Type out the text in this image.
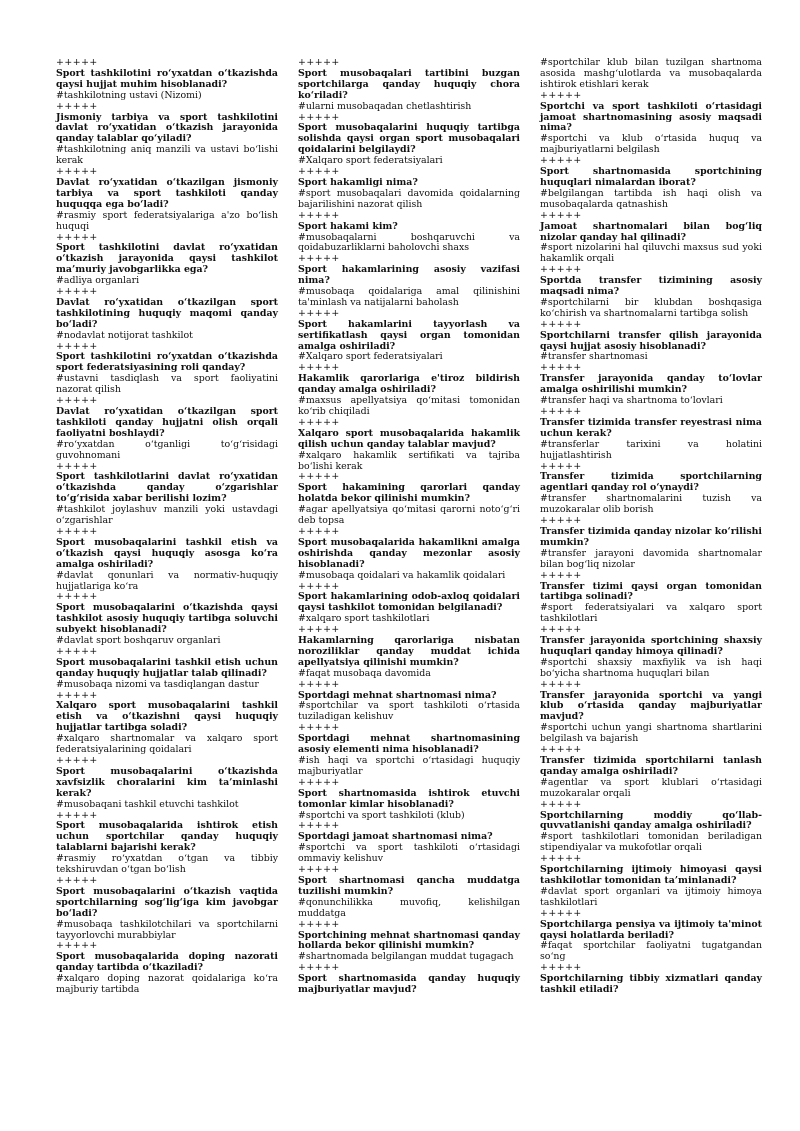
+++++
Sport tashkilotini ro‘yxatdan o‘tkazishda qaysi hujjat muhim hisoblanadi?
#tashkilotning ustavi (Nizomi)
+++++
Jismoniy tarbiya va sport tashkilotini davlat ro‘yxatidan o‘tkazish jarayonida qanday talablar qo‘yiladi?
#tashkilotning aniq manzili va ustavi bo‘lishi kerak
+++++
Davlat ro‘yxatidan o‘tkazilgan jismoniy tarbiya va sport tashkiloti qanday huquqqa ega bo‘ladi?
#rasmiy sport federatsiyalariga a'zo bo‘lish huquqi
+++++
Sport tashkilotini davlat ro‘yxatidan o‘tkazish jarayonida qaysi tashkilot ma’muriy javobgarlikka ega?
#adliya organlari
+++++
Davlat ro‘yxatidan o‘tkazilgan sport tashkilotining huquqiy maqomi qanday bo‘ladi?
#nodavlat notijorat tashkilot
+++++
Sport tashkilotini ro‘yxatdan o‘tkazishda sport federatsiyasining roli qanday?
#ustavni tasdiqlash va sport faoliyatini nazorat qilish
+++++
Davlat ro‘yxatidan o‘tkazilgan sport tashkiloti qanday hujjatni olish orqali faoliyatni boshlaydi?
#ro‘yxatdan o‘tganligi to‘g‘risidagi guvohnomani
+++++
Sport tashkilotlarini davlat ro‘yxatidan o‘tkazishda qanday o‘zgarishlar to‘g‘risida xabar berilishi lozim?
#tashkilot joylashuv manzili yoki ustavdagi o‘zgarishlar
+++++
Sport musobaqalarini tashkil etish va o‘tkazish qaysi huquqiy asosga ko‘ra amalga oshiriladi?
#davlat qonunlari va normativ-huquqiy hujjatlariga ko‘ra
+++++
Sport musobaqalarini o‘tkazishda qaysi tashkilot asosiy huquqiy tartibga soluvchi subyekt hisoblanadi?
#davlat sport boshqaruv organlari
+++++
Sport musobaqalarini tashkil etish uchun qanday huquqiy hujjatlar talab qilinadi?
#musobaqa nizomi va tasdiqlangan dastur
+++++
Xalqaro sport musobaqalarini tashkil etish va o‘tkazishni qaysi huquqiy hujjatlar tartibga soladi?
#xalqaro shartnomalar va xalqaro sport federatsiyalarining qoidalari
+++++
Sport musobaqalarini o‘tkazishda xavfsizlik choralarini kim ta’minlashi kerak?
#musobaqani tashkil etuvchi tashkilot
+++++
Sport musobaqalarida ishtirok etish uchun sportchilar qanday huquqiy talablarni bajarishi kerak?
#rasmiy ro‘yxatdan o‘tgan va tibbiy tekshiruvdan o‘tgan bo‘lish
+++++
Sport musobaqalarini o‘tkazish vaqtida sportchilarning sog‘lig‘iga kim javobgar bo‘ladi?
#musobaqa tashkilotchilari va sportchilarni tayyorlovchi murabbiylar
+++++
Sport musobaqalarida doping nazorati qanday tartibda o‘tkaziladi?
#xalqaro doping nazorat qoidalariga ko‘ra majburiy tartibda
+++++
Sport musobaqalari tartibini buzgan sportchilarga qanday huquqiy chora ko‘riladi?
#ularni musobaqadan chetlashtirish
+++++
Sport musobaqalarini huquqiy tartibga solishda qaysi organ sport musobaqalari qoidalarini belgilaydi?
#Xalqaro sport federatsiyalari
+++++
Sport hakamligi nima?
#sport musobaqalari davomida qoidalarning bajarilishini nazorat qilish
+++++
Sport hakami kim?
#musobaqalarni boshqaruvchi va qoidabuzarliklarni baholovchi shaxs
+++++
Sport hakamlarining asosiy vazifasi nima?
#musobaqa qoidalariga amal qilinishini ta'minlash va natijalarni baholash
+++++
Sport hakamlarini tayyorlash va sertifikatlash qaysi organ tomonidan amalga oshiriladi?
#Xalqaro sport federatsiyalari
+++++
Hakamlik qarorlariga e'tiroz bildirish qanday amalga oshiriladi?
#maxsus apellyatsiya qo‘mitasi tomonidan ko‘rib chiqiladi
+++++
Xalqaro sport musobaqalarida hakamlik qilish uchun qanday talablar mavjud?
#xalqaro hakamlik sertifikati va tajriba bo‘lishi kerak
+++++
Sport hakamining qarorlari qanday holatda bekor qilinishi mumkin?
#agar apellyatsiya qo‘mitasi qarorni noto‘g‘ri deb topsa
+++++
Sport musobaqalarida hakamlikni amalga oshirishda qanday mezonlar asosiy hisoblanadi?
#musobaqa qoidalari va hakamlik qoidalari
+++++
Sport hakamlarining odob-axloq qoidalari qaysi tashkilot tomonidan belgilanadi?
#xalqaro sport tashkilotlari
+++++
Hakamlarning qarorlariga nisbatan noroziliklar qanday muddat ichida apellyatsiya qilinishi mumkin?
#faqat musobaqa davomida
+++++
Sportdagi mehnat shartnomasi nima?
#sportchilar va sport tashkiloti o‘rtasida tuziladigan kelishuv
+++++
Sportdagi mehnat shartnomasining asosiy elementi nima hisoblanadi?
#ish haqi va sportchi o‘rtasidagi huquqiy majburiyatlar
+++++
Sport shartnomasida ishtirok etuvchi tomonlar kimlar hisoblanadi?
#sportchi va sport tashkiloti (klub)
+++++
Sportdagi jamoat shartnomasi nima?
#sportchi va sport tashkiloti o‘rtasidagi ommaviy kelishuv
+++++
Sport shartnomasi qancha muddatga tuzilishi mumkin?
#qonunchilikka muvofiq, kelishilgan muddatga
+++++
Sportchining mehnat shartnomasi qanday hollarda bekor qilinishi mumkin?
#shartnomada belgilangan muddat tugagach
+++++
Sport shartnomasida qanday huquqiy majburiyatlar mavjud?
#sportchilar klub bilan tuzilgan shartnoma asosida mashg‘ulotlarda va musobaqalarda ishtirok etishlari kerak
+++++
Sportchi va sport tashkiloti o‘rtasidagi jamoat shartnomasining asosiy maqsadi nima?
#sportchi va klub o‘rtasida huquq va majburiyatlarni belgilash
+++++
Sport shartnomasida sportchining huquqlari nimalardan iborat?
#belgilangan tartibda ish haqi olish va musobaqalarda qatnashish
+++++
Jamoat shartnomalari bilan bog‘liq nizolar qanday hal qilinadi?
#sport nizolarini hal qiluvchi maxsus sud yoki hakamlik orqali
+++++
Sportda transfer tizimining asosiy maqsadi nima?
#sportchilarni bir klubdan boshqasiga ko‘chirish va shartnomalarni tartibga solish
+++++
Sportchilarni transfer qilish jarayonida qaysi hujjat asosiy hisoblanadi?
#transfer shartnomasi
+++++
Transfer jarayonida qanday to‘lovlar amalga oshirilishi mumkin?
#transfer haqi va shartnoma to‘lovlari
+++++
Transfer tizimida transfer reyestrasi nima uchun kerak?
#transferlar tarixini va holatini hujjatlashtirish
+++++
Transfer tizimida sportchilarning agentlari qanday rol o‘ynaydi?
#transfer shartnomalarini tuzish va muzokaralar olib borish
+++++
Transfer tizimida qanday nizolar ko‘rilishi mumkin?
#transfer jarayoni davomida shartnomalar bilan bog‘liq nizolar
+++++
Transfer tizimi qaysi organ tomonidan tartibga solinadi?
#sport federatsiyalari va xalqaro sport tashkilotlari
+++++
Transfer jarayonida sportchining shaxsiy huquqlari qanday himoya qilinadi?
#sportchi shaxsiy maxfiylik va ish haqi bo‘yicha shartnoma huquqlari bilan
+++++
Transfer jarayonida sportchi va yangi klub o‘rtasida qanday majburiyatlar mavjud?
#sportchi uchun yangi shartnoma shartlarini belgilash va bajarish
+++++
Transfer tizimida sportchilarni tanlash qanday amalga oshiriladi?
#agentlar va sport klublari o‘rtasidagi muzokaralar orqali
+++++
Sportchilarning moddiy qo‘llab-quvvatlanishi qanday amalga oshiriladi?
#sport tashkilotlari tomonidan beriladigan stipendiyalar va mukofotlar orqali
+++++
Sportchilarning ijtimoiy himoyasi qaysi tashkilotlar tomonidan ta’minlanadi?
#davlat sport organlari va ijtimoiy himoya tashkilotlari
+++++
Sportchilarga pensiya va ijtimoiy ta'minot qaysi holatlarda beriladi?
#faqat sportchilar faoliyatni tugatgandan so‘ng
+++++
Sportchilarning tibbiy xizmatlari qanday tashkil etiladi?
